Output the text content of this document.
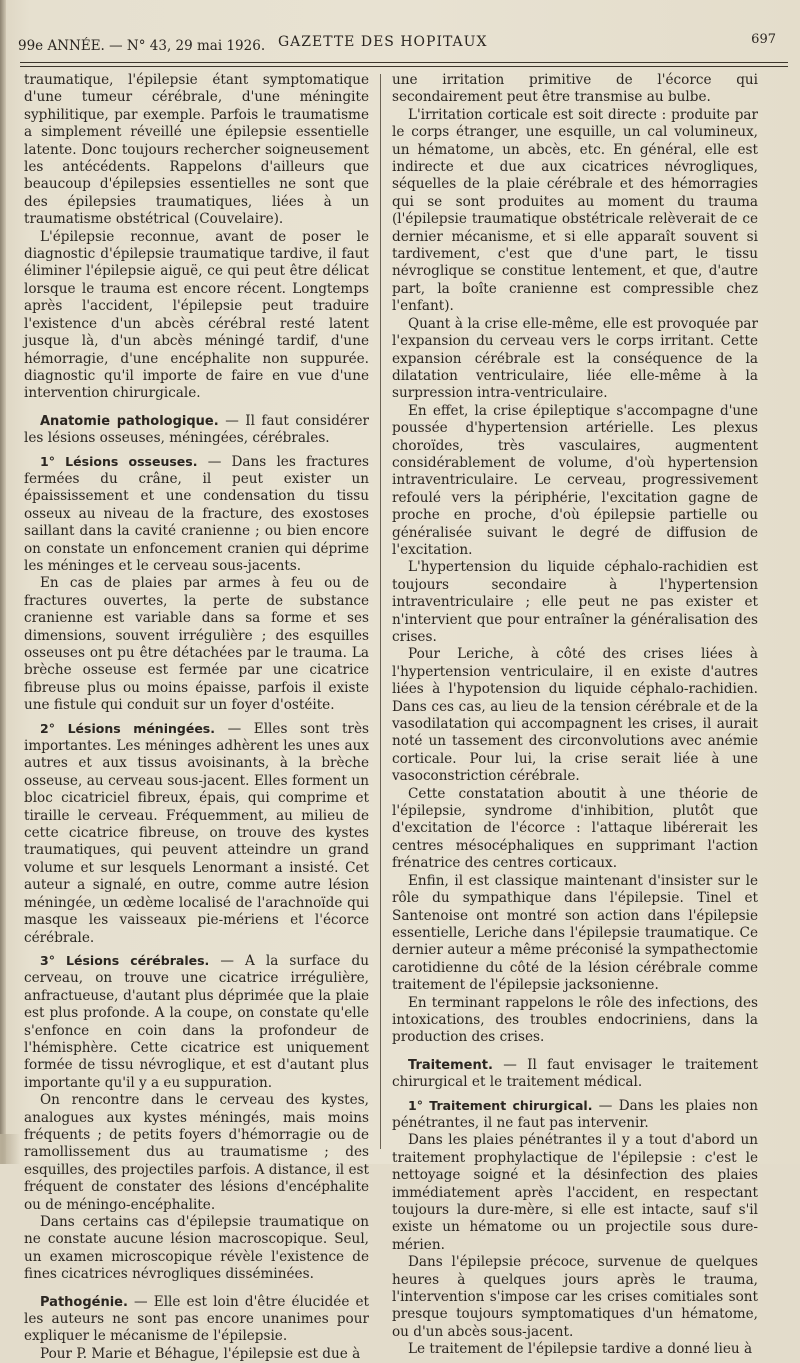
99e ANNÉE. — N° 43, 29 mai 1926. GAZETTE DES HOPITAUX	697

traumatique, l'épilepsie étant symptomatique d'une tumeur cérébrale, d'une méningite syphilitique, par exemple. Parfois le traumatisme a simplement réveillé une épilepsie essentielle latente. Donc toujours rechercher soigneusement les antécédents. Rappelons d'ailleurs que beaucoup d'épilepsies essentielles ne sont que des épilepsies traumatiques, liées à un traumatisme obstétrical (Couvelaire).

L'épilepsie reconnue, avant de poser le diagnostic d'épilepsie traumatique tardive, il faut éliminer l'épilepsie aiguë, ce qui peut être délicat lorsque le trauma est encore récent. Longtemps après l'accident, l'épilepsie peut traduire l'existence d'un abcès cérébral resté latent jusque là, d'un abcès méningé tardif, d'une hémorragie, d'une encéphalite non suppurée. diagnostic qu'il importe de faire en vue d'une intervention chirurgicale.

Anatomie pathologique. — Il faut considérer les lésions osseuses, méningées, cérébrales.

1° Lésions osseuses. — Dans les fractures fermées du crâne, il peut exister un épaississement et une condensation du tissu osseux au niveau de la fracture, des exostoses saillant dans la cavité cranienne ; ou bien encore on constate un enfoncement cranien qui déprime les méninges et le cerveau sous-jacents.

En cas de plaies par armes à feu ou de fractures ouvertes, la perte de substance cranienne est variable dans sa forme et ses dimensions, souvent irrégulière ; des esquilles osseuses ont pu être détachées par le trauma. La brèche osseuse est fermée par une cicatrice fibreuse plus ou moins épaisse, parfois il existe une fistule qui conduit sur un foyer d'ostéite.

2° Lésions méningées. — Elles sont très importantes. Les méninges adhèrent les unes aux autres et aux tissus avoisinants, à la brèche osseuse, au cerveau sous-jacent. Elles forment un bloc cicatriciel fibreux, épais, qui comprime et tiraille le cerveau. Fréquemment, au milieu de cette cicatrice fibreuse, on trouve des kystes traumatiques, qui peuvent atteindre un grand volume et sur lesquels Lenormant a insisté. Cet auteur a signalé, en outre, comme autre lésion méningée, un œdème localisé de l'arachnoïde qui masque les vaisseaux pie-mériens et l'écorce cérébrale.

3° Lésions cérébrales. — A la surface du cerveau, on trouve une cicatrice irrégulière, anfractueuse, d'autant plus déprimée que la plaie est plus profonde. A la coupe, on constate qu'elle s'enfonce en coin dans la profondeur de l'hémisphère. Cette cicatrice est uniquement formée de tissu névroglique, et est d'autant plus importante qu'il y a eu suppuration.

On rencontre dans le cerveau des kystes, analogues aux kystes méningés, mais moins fréquents ; de petits foyers d'hémorragie ou de ramollissement dus au traumatisme ; des esquilles, des projectiles parfois. A distance, il est fréquent de constater des lésions d'encéphalite ou de méningo-encéphalite.

Dans certains cas d'épilepsie traumatique on ne constate aucune lésion macroscopique. Seul, un examen microscopique révèle l'existence de fines cicatrices névrogliques disséminées.

Pathogénie. — Elle est loin d'être élucidée et les auteurs ne sont pas encore unanimes pour expliquer le mécanisme de l'épilepsie.

Pour P. Marie et Béhague, l'épilepsie est due à

une irritation primitive de l'écorce qui secondairement peut être transmise au bulbe.

L'irritation corticale est soit directe : produite par le corps étranger, une esquille, un cal volumineux, un hématome, un abcès, etc. En général, elle est indirecte et due aux cicatrices névrogliques, séquelles de la plaie cérébrale et des hémorragies qui se sont produites au moment du trauma (l'épilepsie traumatique obstétricale relèverait de ce dernier mécanisme, et si elle apparaît souvent si tardivement, c'est que d'une part, le tissu névroglique se constitue lentement, et que, d'autre part, la boîte cranienne est compressible chez l'enfant).

Quant à la crise elle-même, elle est provoquée par l'expansion du cerveau vers le corps irritant. Cette expansion cérébrale est la conséquence de la dilatation ventriculaire, liée elle-même à la surpression intra-ventriculaire.

En effet, la crise épileptique s'accompagne d'une poussée d'hypertension artérielle. Les plexus choroïdes, très vasculaires, augmentent considérablement de volume, d'où hypertension intraventriculaire. Le cerveau, progressivement refoulé vers la périphérie, l'excitation gagne de proche en proche, d'où épilepsie partielle ou généralisée suivant le degré de diffusion de l'excitation.

L'hypertension du liquide céphalo-rachidien est toujours secondaire à l'hypertension intraventriculaire ; elle peut ne pas exister et n'intervient que pour entraîner la généralisation des crises.

Pour Leriche, à côté des crises liées à l'hypertension ventriculaire, il en existe d'autres liées à l'hypotension du liquide céphalo-rachidien. Dans ces cas, au lieu de la tension cérébrale et de la vasodilatation qui accompagnent les crises, il aurait noté un tassement des circonvolutions avec anémie corticale. Pour lui, la crise serait liée à une vasoconstriction cérébrale.

Cette constatation aboutit à une théorie de l'épilepsie, syndrome d'inhibition, plutôt que d'excitation de l'écorce : l'attaque libérerait les centres mésocéphaliques en supprimant l'action frénatrice des centres corticaux.

Enfin, il est classique maintenant d'insister sur le rôle du sympathique dans l'épilepsie. Tinel et Santenoise ont montré son action dans l'épilepsie essentielle, Leriche dans l'épilepsie traumatique. Ce dernier auteur a même préconisé la sympathectomie carotidienne du côté de la lésion cérébrale comme traitement de l'épilepsie jacksonienne.

En terminant rappelons le rôle des infections, des intoxications, des troubles endocriniens, dans la production des crises.

Traitement. — Il faut envisager le traitement chirurgical et le traitement médical.

1° Traitement chirurgical. — Dans les plaies non pénétrantes, il ne faut pas intervenir.

Dans les plaies pénétrantes il y a tout d'abord un traitement prophylactique de l'épilepsie : c'est le nettoyage soigné et la désinfection des plaies immédiatement après l'accident, en respectant toujours la dure-mère, si elle est intacte, sauf s'il existe un hématome ou un projectile sous dure-mérien.

Dans l'épilepsie précoce, survenue de quelques heures à quelques jours après le trauma, l'intervention s'impose car les crises comitiales sont presque toujours symptomatiques d'un hématome, ou d'un abcès sous-jacent.

Le traitement de l'épilepsie tardive a donné lieu à
